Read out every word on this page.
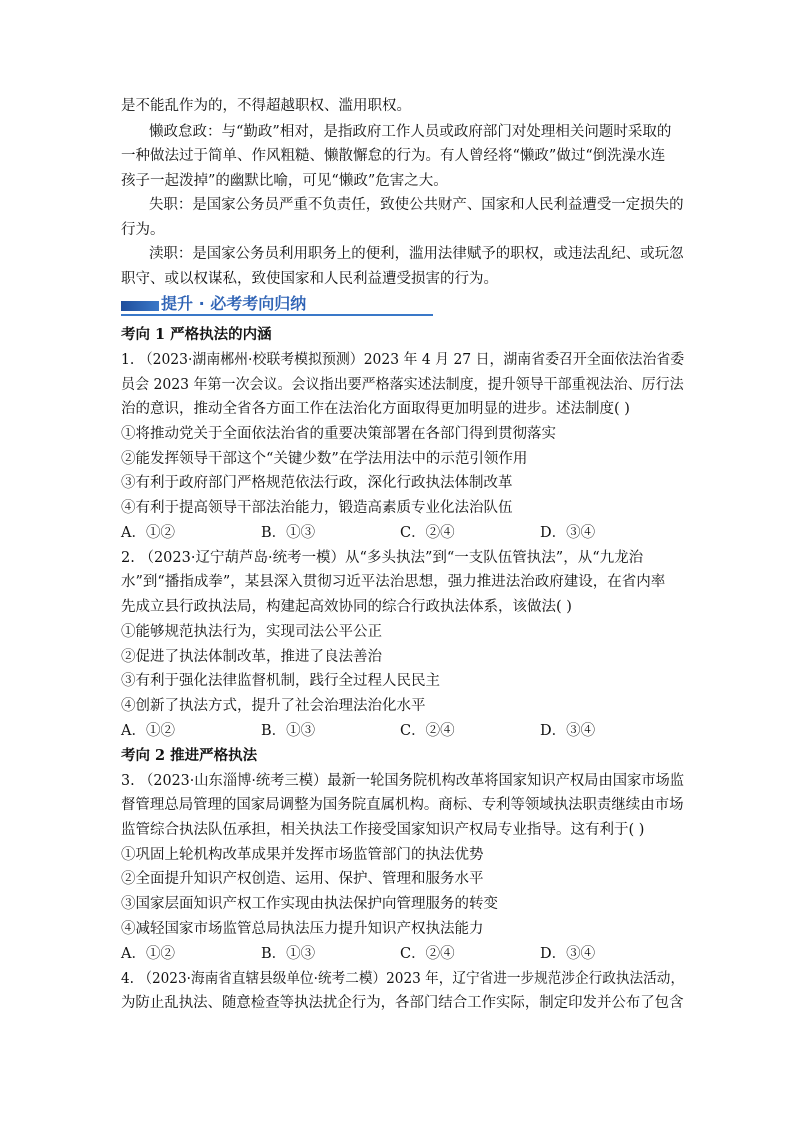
是不能乱作为的，不得超越职权、滥用职权。
懒政怠政：与“勤政”相对，是指政府工作人员或政府部门对处理相关问题时采取的
一种做法过于简单、作风粗糙、懒散懈怠的行为。有人曾经将“懒政”做过“倒洗澡水连
孩子一起泼掉”的幽默比喻，可见“懒政”危害之大。
失职：是国家公务员严重不负责任，致使公共财产、国家和人民利益遭受一定损失的
行为。
渎职：是国家公务员利用职务上的便利，滥用法律赋予的职权，或违法乱纪、或玩忽
职守、或以权谋私，致使国家和人民利益遭受损害的行为。
提升 · 必考考向归纳
考向 1 严格执法的内涵
1. （2023·湖南郴州·校联考模拟预测）2023 年 4 月 27 日，湖南省委召开全面依法治省委
员会 2023 年第一次会议。会议指出要严格落实述法制度，提升领导干部重视法治、厉行法
治的意识，推动全省各方面工作在法治化方面取得更加明显的进步。述法制度( )
①将推动党关于全面依法治省的重要决策部署在各部门得到贯彻落实
②能发挥领导干部这个“关键少数”在学法用法中的示范引领作用
③有利于政府部门严格规范依法行政，深化行政执法体制改革
④有利于提高领导干部法治能力，锻造高素质专业化法治队伍
A．①②	B．①③	C．②④	D．③④
2. （2023·辽宁葫芦岛·统考一模）从“多头执法”到“一支队伍管执法”，从“九龙治
水”到“播指成拳”，某县深入贯彻习近平法治思想，强力推进法治政府建设，在省内率
先成立县行政执法局，构建起高效协同的综合行政执法体系，该做法( )
①能够规范执法行为，实现司法公平公正
②促进了执法体制改革，推进了良法善治
③有利于强化法律监督机制，践行全过程人民民主
④创新了执法方式，提升了社会治理法治化水平
A．①②	B．①③	C．②④	D．③④
考向 2 推进严格执法
3. （2023·山东淄博·统考三模）最新一轮国务院机构改革将国家知识产权局由国家市场监
督管理总局管理的国家局调整为国务院直属机构。商标、专利等领域执法职责继续由市场
监管综合执法队伍承担，相关执法工作接受国家知识产权局专业指导。这有利于( )
①巩固上轮机构改革成果并发挥市场监管部门的执法优势
②全面提升知识产权创造、运用、保护、管理和服务水平
③国家层面知识产权工作实现由执法保护向管理服务的转变
④减轻国家市场监管总局执法压力提升知识产权执法能力
A．①②	B．①③	C．②④	D．③④
4. （2023·海南省直辖县级单位·统考二模）2023 年，辽宁省进一步规范涉企行政执法活动，
为防止乱执法、随意检查等执法扰企行为，各部门结合工作实际，制定印发并公布了包含
